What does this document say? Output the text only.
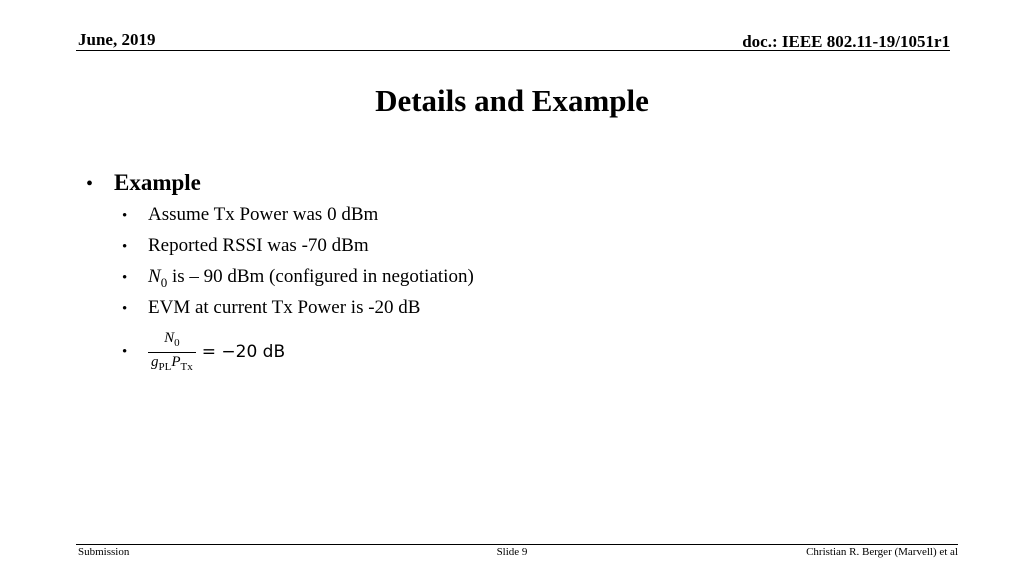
June, 2019	doc.: IEEE 802.11-19/1051r1
Details and Example
• Example
•	Assume Tx Power was 0 dBm
•	Reported RSSI was -70 dBm
•	$N_0$ is – 90 dBm (configured in negotiation)
•	EVM at current Tx Power is -20 dB
•	$\frac{N_0}{g_{PL}P_{Tx}} = -20$ dB
Submission	Slide 9	Christian R. Berger (Marvell) et al
